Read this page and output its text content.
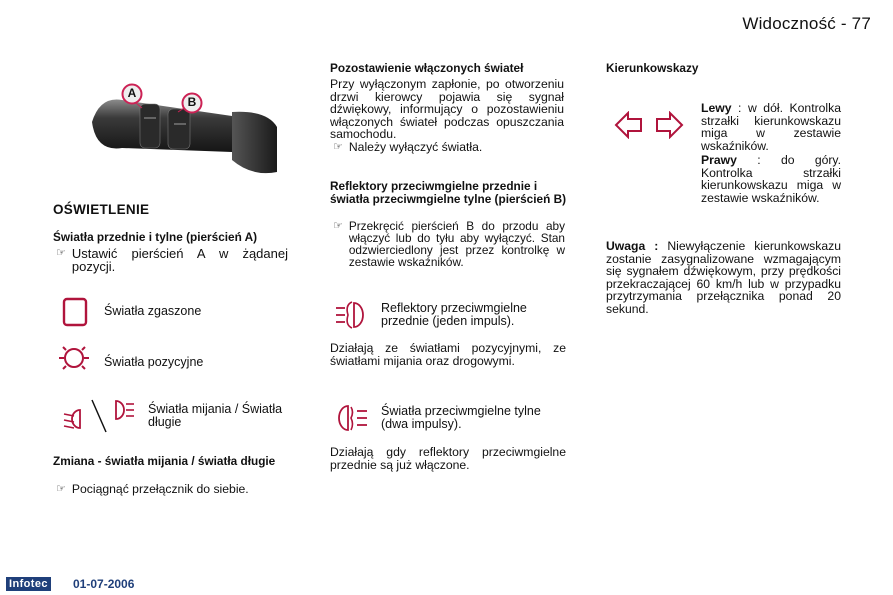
Widoczność - 77
A
B
OŚWIETLENIE
Światła przednie i tylne (pierścień A)
☞ Ustawić pierścień A w żądanej pozycji.
Światła zgaszone
Światła pozycyjne
Światła mijania / Światła długie
Zmiana - światła mijania / światła długie
☞ Pociągnąć przełącznik do siebie.
Pozostawienie włączonych świateł
Przy wyłączonym zapłonie, po otworzeniu drzwi kierowcy pojawia się sygnał dźwiękowy, informujący o pozostawieniu włączonych świateł podczas opuszczania samochodu.
☞ Należy wyłączyć światła.
Reflektory przeciwmgielne przednie i światła przeciwmgielne tylne (pierścień B)
☞ Przekręcić pierścień B do przodu aby włączyć lub do tyłu aby wyłączyć. Stan odzwierciedlony jest przez kontrolkę w zestawie wskaźników.
Reflektory przeciwmgielne przednie (jeden impuls).
Działają ze światłami pozycyjnymi, ze światłami mijania oraz drogowymi.
Światła przeciwmgielne tylne (dwa impulsy).
Działają gdy reflektory przeciwmgielne przednie są już włączone.
Kierunkowskazy
Lewy : w dół. Kontrolka strzałki kierunkowskazu miga w zestawie wskaźników.
Prawy : do góry. Kontrolka strzałki kierunkowskazu miga w zestawie wskaźników.
Uwaga : Niewyłączenie kierunkowskazu zostanie zasygnalizowane wzmagającym się sygnałem dźwiękowym, przy prędkości przekraczającej 60 km/h lub w przypadku przytrzymania przełącznika ponad 20 sekund.
Infotec 01-07-2006
